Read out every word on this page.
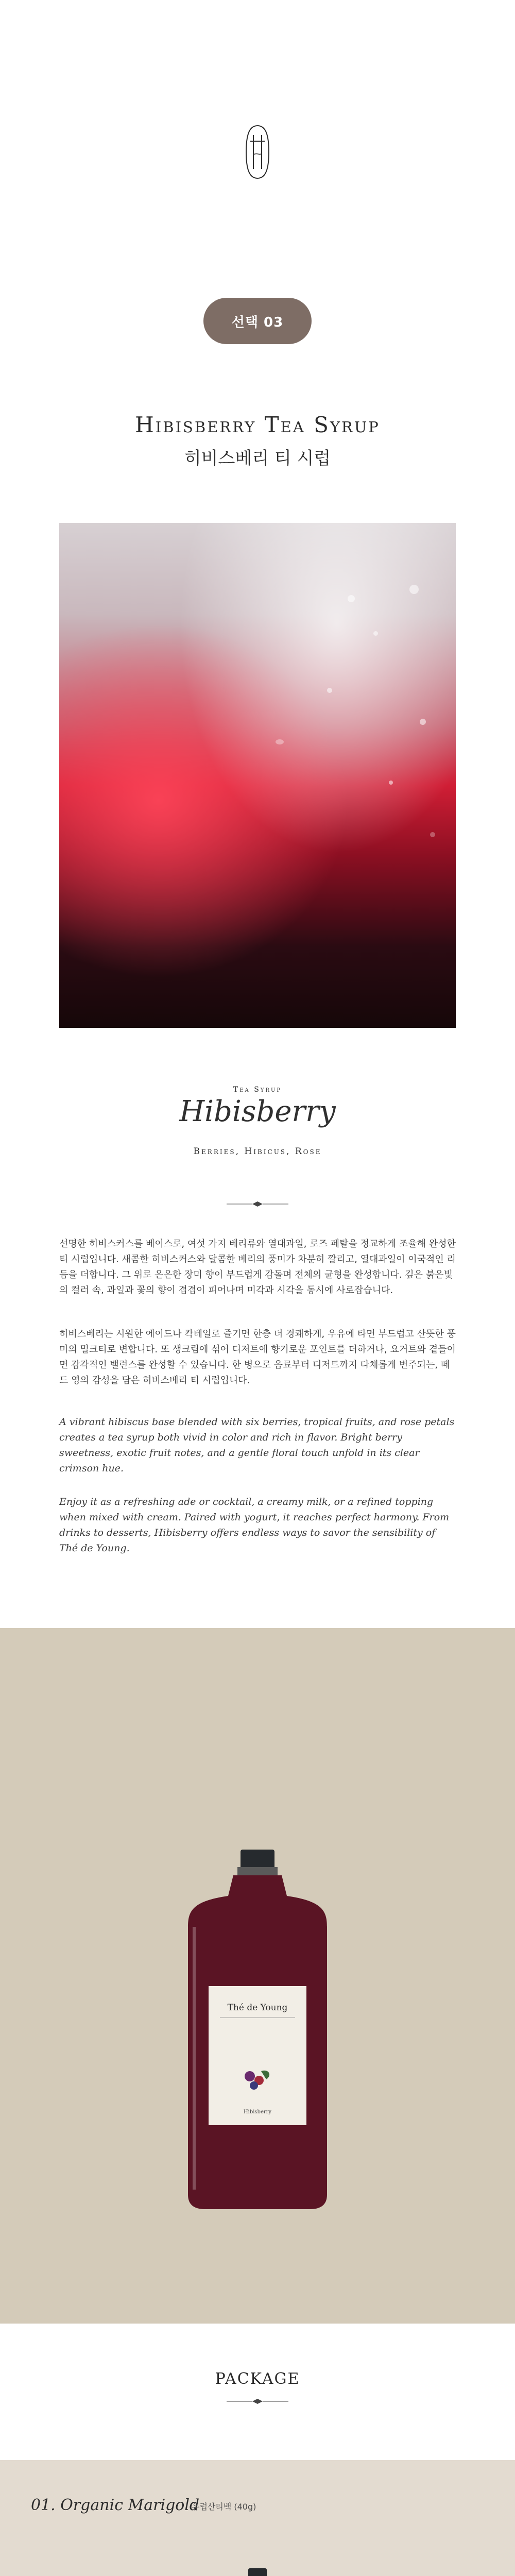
선택 03
Hibisberry Tea Syrup
히비스베리 티 시럽
Tea Syrup
Hibisberry
Berries, Hibicus, Rose

선명한 히비스커스를 베이스로, 여섯 가지 베리류와 열대과일, 로즈 페탈을 정교하게 조율해 완성한 티 시럽입니다. 새콤한 히비스커스와 달콤한 베리의 풍미가 차분히 깔리고, 열대과일이 이국적인 리듬을 더합니다. 그 위로 은은한 장미 향이 부드럽게 감돌며 전체의 균형을 완성합니다. 깊은 붉은빛의 컬러 속, 과일과 꽃의 향이 겹겹이 피어나며 미각과 시각을 동시에 사로잡습니다.

히비스베리는 시원한 에이드나 칵테일로 즐기면 한층 더 경쾌하게, 우유에 타면 부드럽고 산뜻한 풍미의 밀크티로 변합니다. 또 생크림에 섞어 디저트에 향기로운 포인트를 더하거나, 요거트와 곁들이면 감각적인 밸런스를 완성할 수 있습니다. 한 병으로 음료부터 디저트까지 다채롭게 변주되는, 떼 드 영의 감성을 담은 히비스베리 티 시럽입니다.

A vibrant hibiscus base blended with six berries, tropical fruits, and rose petals creates a tea syrup both vivid in color and rich in flavor. Bright berry sweetness, exotic fruit notes, and a gentle floral touch unfold in its clear crimson hue.

Enjoy it as a refreshing ade or cocktail, a creamy milk, or a refined topping when mixed with cream. Paired with yogurt, it reaches perfect harmony. From drinks to desserts, Hibisberry offers endless ways to savor the sensibility of Thé de Young.

Thé de Young
Hibisberry
PACKAGE
01. Organic Marigold
유럽산티백 (40g)
